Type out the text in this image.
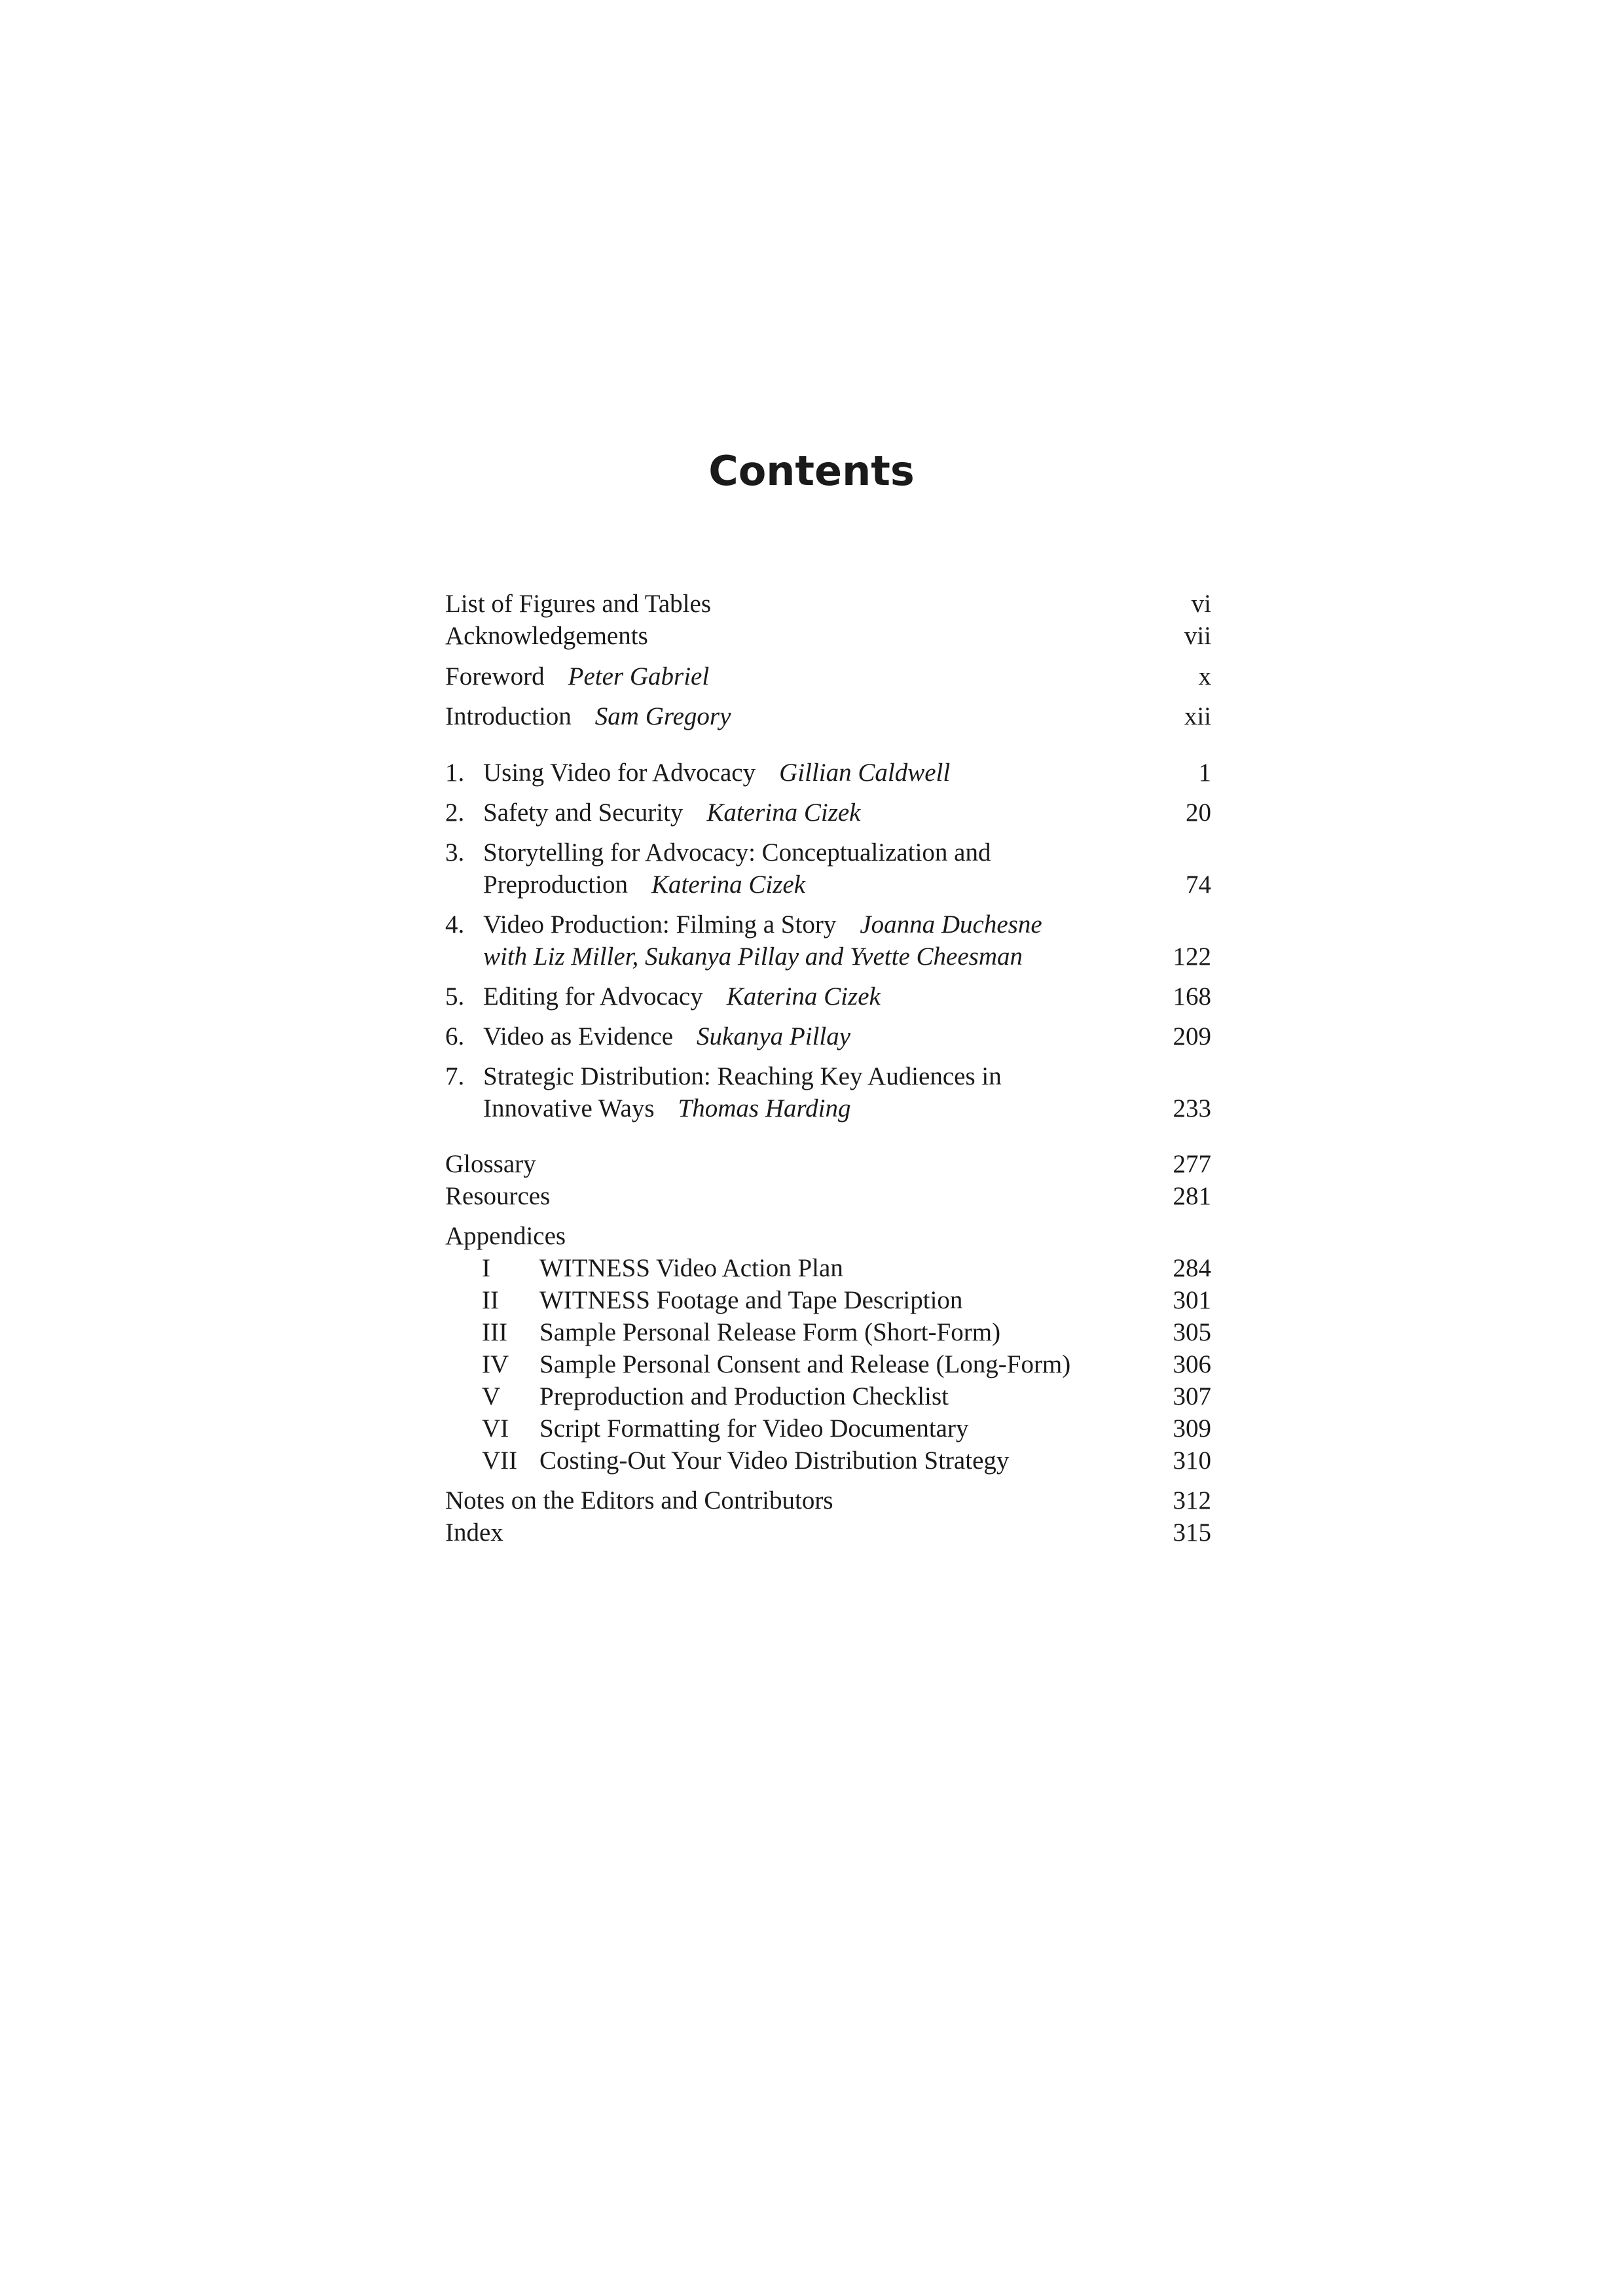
Contents
List of Figures and Tables	vi
Acknowledgements	vii
Foreword Peter Gabriel	x
Introduction Sam Gregory	xii
1. Using Video for Advocacy Gillian Caldwell	1
2. Safety and Security Katerina Cizek	20
3. Storytelling for Advocacy: Conceptualization and
Preproduction Katerina Cizek	74
4. Video Production: Filming a Story Joanna Duchesne
with Liz Miller, Sukanya Pillay and Yvette Cheesman	122
5. Editing for Advocacy Katerina Cizek	168
6. Video as Evidence Sukanya Pillay	209
7. Strategic Distribution: Reaching Key Audiences in
Innovative Ways Thomas Harding	233
Glossary	277
Resources	281
Appendices
I WITNESS Video Action Plan	284
II WITNESS Footage and Tape Description	301
III Sample Personal Release Form (Short-Form)	305
IV Sample Personal Consent and Release (Long-Form)	306
V Preproduction and Production Checklist	307
VI Script Formatting for Video Documentary	309
VII Costing-Out Your Video Distribution Strategy	310
Notes on the Editors and Contributors	312
Index	315
